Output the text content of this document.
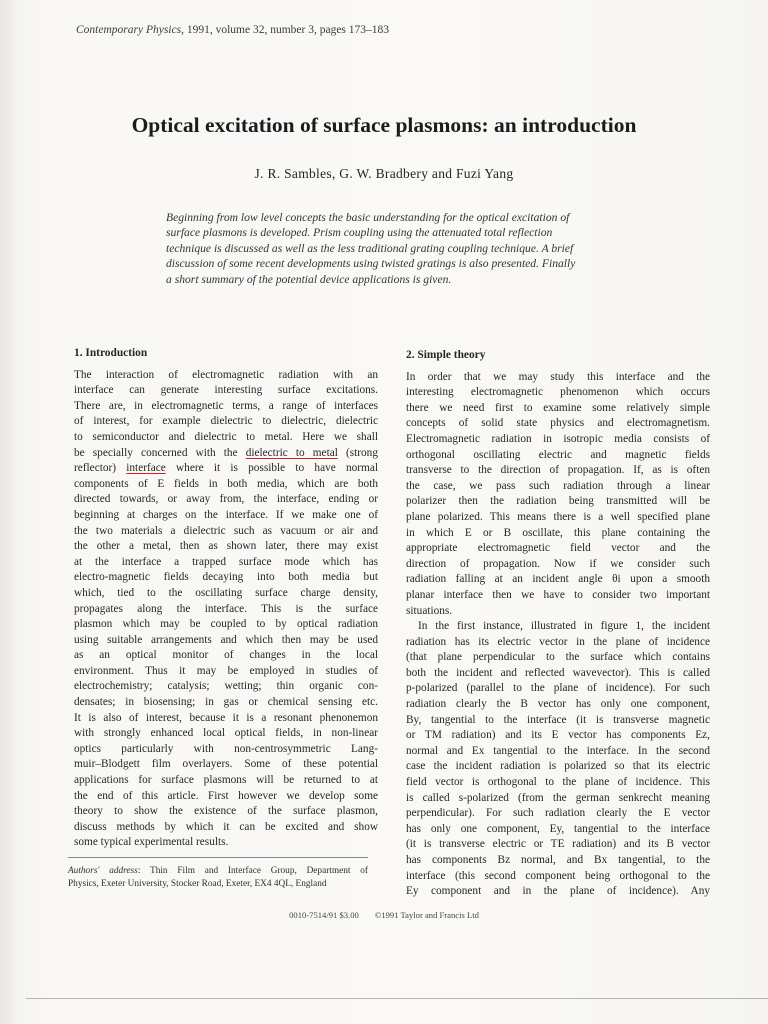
Contemporary Physics, 1991, volume 32, number 3, pages 173–183
Optical excitation of surface plasmons: an introduction
J. R. Sambles, G. W. Bradbery and Fuzi Yang
Beginning from low level concepts the basic understanding for the optical excitation of
surface plasmons is developed. Prism coupling using the attenuated total reflection
technique is discussed as well as the less traditional grating coupling technique. A brief
discussion of some recent developments using twisted gratings is also presented. Finally
a short summary of the potential device applications is given.
1. Introduction
The interaction of electromagnetic radiation with an
interface can generate interesting surface excitations.
There are, in electromagnetic terms, a range of interfaces
of interest, for example dielectric to dielectric, dielectric
to semiconductor and dielectric to metal. Here we shall
be specially concerned with the dielectric to metal (strong
reflector) interface where it is possible to have normal
components of E fields in both media, which are both
directed towards, or away from, the interface, ending or
beginning at charges on the interface. If we make one of
the two materials a dielectric such as vacuum or air and
the other a metal, then as shown later, there may exist
at the interface a trapped surface mode which has
electro-magnetic fields decaying into both media but
which, tied to the oscillating surface charge density,
propagates along the interface. This is the surface
plasmon which may be coupled to by optical radiation
using suitable arrangements and which then may be used
as an optical monitor of changes in the local
environment. Thus it may be employed in studies of
electrochemistry; catalysis; wetting; thin organic con-
densates; in biosensing; in gas or chemical sensing etc.
It is also of interest, because it is a resonant phenonemon
with strongly enhanced local optical fields, in non-linear
optics particularly with non-centrosymmetric Lang-
muir–Blodgett film overlayers. Some of these potential
applications for surface plasmons will be returned to at
the end of this article. First however we develop some
theory to show the existence of the surface plasmon,
discuss methods by which it can be excited and show
some typical experimental results.
2. Simple theory
In order that we may study this interface and the
interesting electromagnetic phenomenon which occurs
there we need first to examine some relatively simple
concepts of solid state physics and electromagnetism.
Electromagnetic radiation in isotropic media consists of
orthogonal oscillating electric and magnetic fields
transverse to the direction of propagation. If, as is often
the case, we pass such radiation through a linear
polarizer then the radiation being transmitted will be
plane polarized. This means there is a well specified plane
in which E or B oscillate, this plane containing the
appropriate electromagnetic field vector and the
direction of propagation. Now if we consider such
radiation falling at an incident angle θi upon a smooth
planar interface then we have to consider two important
situations.
In the first instance, illustrated in figure 1, the incident
radiation has its electric vector in the plane of incidence
(that plane perpendicular to the surface which contains
both the incident and reflected wavevector). This is called
p-polarized (parallel to the plane of incidence). For such
radiation clearly the B vector has only one component,
By, tangential to the interface (it is transverse magnetic
or TM radiation) and its E vector has components Ez,
normal and Ex tangential to the interface. In the second
case the incident radiation is polarized so that its electric
field vector is orthogonal to the plane of incidence. This
is called s-polarized (from the german senkrecht meaning
perpendicular). For such radiation clearly the E vector
has only one component, Ey, tangential to the interface
(it is transverse electric or TE radiation) and its B vector
has components Bz normal, and Bx tangential, to the
interface (this second component being orthogonal to the
Ey component and in the plane of incidence). Any
Authors' address: Thin Film and Interface Group, Department of
Physics, Exeter University, Stocker Road, Exeter, EX4 4QL, England
0010-7514/91 $3.00 ©1991 Taylor and Francis Ltd
